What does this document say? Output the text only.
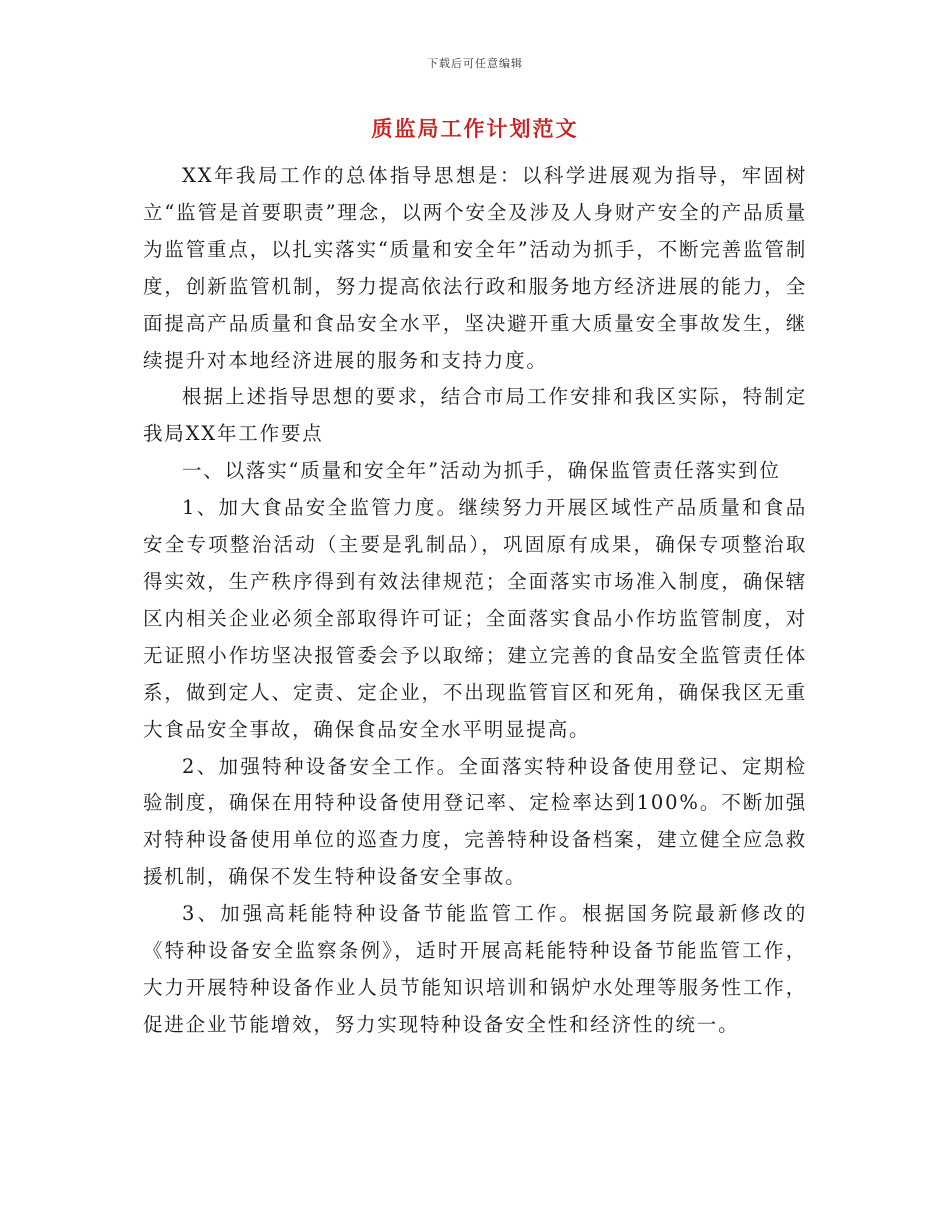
下载后可任意编辑
质监局工作计划范文

XX年我局工作的总体指导思想是：以科学进展观为指导，牢固树立“监管是首要职责”理念，以两个安全及涉及人身财产安全的产品质量为监管重点，以扎实落实“质量和安全年”活动为抓手，不断完善监管制度，创新监管机制，努力提高依法行政和服务地方经济进展的能力，全面提高产品质量和食品安全水平，坚决避开重大质量安全事故发生，继续提升对本地经济进展的服务和支持力度。

根据上述指导思想的要求，结合市局工作安排和我区实际，特制定我局XX年工作要点

一、以落实“质量和安全年”活动为抓手，确保监管责任落实到位

1、加大食品安全监管力度。继续努力开展区域性产品质量和食品安全专项整治活动（主要是乳制品），巩固原有成果，确保专项整治取得实效，生产秩序得到有效法律规范；全面落实市场准入制度，确保辖区内相关企业必须全部取得许可证；全面落实食品小作坊监管制度，对无证照小作坊坚决报管委会予以取缔；建立完善的食品安全监管责任体系，做到定人、定责、定企业，不出现监管盲区和死角，确保我区无重大食品安全事故，确保食品安全水平明显提高。

2、加强特种设备安全工作。全面落实特种设备使用登记、定期检验制度，确保在用特种设备使用登记率、定检率达到100%。不断加强对特种设备使用单位的巡查力度，完善特种设备档案，建立健全应急救援机制，确保不发生特种设备安全事故。

3、加强高耗能特种设备节能监管工作。根据国务院最新修改的《特种设备安全监察条例》，适时开展高耗能特种设备节能监管工作，大力开展特种设备作业人员节能知识培训和锅炉水处理等服务性工作，促进企业节能增效，努力实现特种设备安全性和经济性的统一。
